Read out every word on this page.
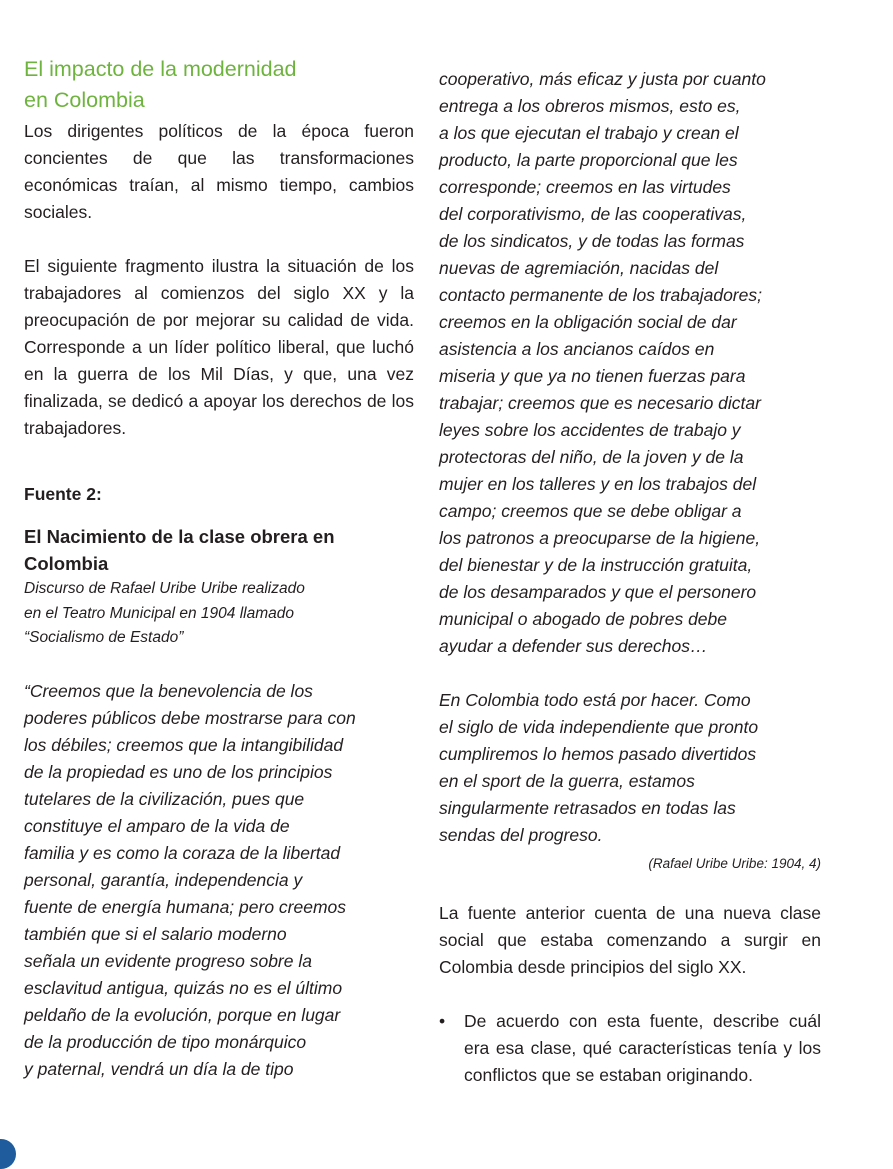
El impacto de la modernidad
en Colombia

Los dirigentes políticos de la época fueron concientes de que las transformaciones económicas traían, al mismo tiempo, cambios sociales.

El siguiente fragmento ilustra la situación de los trabajadores al comienzos del siglo XX y la preocupación de por mejorar su calidad de vida. Corresponde a un líder político liberal, que luchó en la guerra de los Mil Días, y que, una vez finalizada, se dedicó a apoyar los derechos de los trabajadores.

Fuente 2:

El Nacimiento de la clase obrera en

Colombia

Discurso de Rafael Uribe Uribe realizado

en el Teatro Municipal en 1904 llamado

“Socialismo de Estado”

“Creemos que la benevolencia de los

poderes públicos debe mostrarse para con

los débiles; creemos que la intangibilidad

de la propiedad es uno de los principios

tutelares de la civilización, pues que

constituye el amparo de la vida de

familia y es como la coraza de la libertad

personal, garantía, independencia y

fuente de energía humana; pero creemos

también que si el salario moderno

señala un evidente progreso sobre la

esclavitud antigua, quizás no es el último

peldaño de la evolución, porque en lugar

de la producción de tipo monárquico

y paternal, vendrá un día la de tipo

cooperativo, más eficaz y justa por cuanto

entrega a los obreros mismos, esto es,

a los que ejecutan el trabajo y crean el

producto, la parte proporcional que les

corresponde; creemos en las virtudes

del corporativismo, de las cooperativas,

de los sindicatos, y de todas las formas

nuevas de agremiación, nacidas del

contacto permanente de los trabajadores;

creemos en la obligación social de dar

asistencia a los ancianos caídos en

miseria y que ya no tienen fuerzas para

trabajar; creemos que es necesario dictar

leyes sobre los accidentes de trabajo y

protectoras del niño, de la joven y de la

mujer en los talleres y en los trabajos del

campo; creemos que se debe obligar a

los patronos a preocuparse de la higiene,

del bienestar y de la instrucción gratuita,

de los desamparados y que el personero

municipal o abogado de pobres debe

ayudar a defender sus derechos…

En Colombia todo está por hacer. Como

el siglo de vida independiente que pronto

cumpliremos lo hemos pasado divertidos

en el sport de la guerra, estamos

singularmente retrasados en todas las

sendas del progreso.

(Rafael Uribe Uribe: 1904, 4)

La fuente anterior cuenta de una nueva clase social que estaba comenzando a surgir en Colombia desde principios del siglo XX.

• De acuerdo con esta fuente, describe cuál era esa clase, qué características tenía y los conflictos que se estaban originando.
